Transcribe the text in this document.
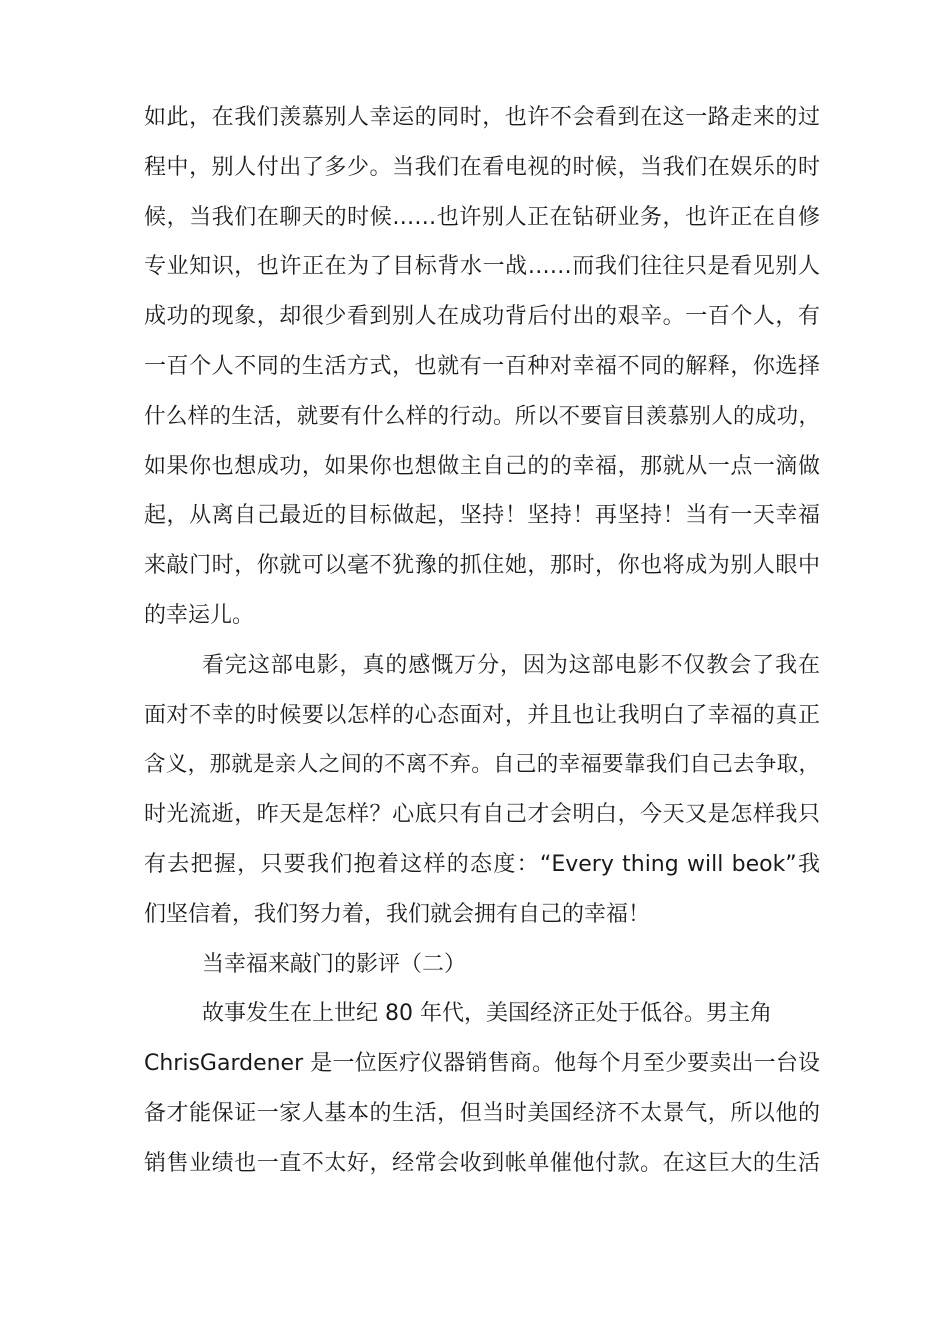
如此，在我们羡慕别人幸运的同时，也许不会看到在这一路走来的过
程中，别人付出了多少。当我们在看电视的时候，当我们在娱乐的时
候，当我们在聊天的时候……也许别人正在钻研业务，也许正在自修
专业知识，也许正在为了目标背水一战……而我们往往只是看见别人
成功的现象，却很少看到别人在成功背后付出的艰辛。一百个人，有
一百个人不同的生活方式，也就有一百种对幸福不同的解释，你选择
什么样的生活，就要有什么样的行动。所以不要盲目羡慕别人的成功，
如果你也想成功，如果你也想做主自己的的幸福，那就从一点一滴做
起，从离自己最近的目标做起，坚持！坚持！再坚持！当有一天幸福
来敲门时，你就可以毫不犹豫的抓住她，那时，你也将成为别人眼中
的幸运儿。
看完这部电影，真的感慨万分，因为这部电影不仅教会了我在
面对不幸的时候要以怎样的心态面对，并且也让我明白了幸福的真正
含义，那就是亲人之间的不离不弃。自己的幸福要靠我们自己去争取，
时光流逝，昨天是怎样？心底只有自己才会明白，今天又是怎样我只
有去把握，只要我们抱着这样的态度：“Every thing will beok”我
们坚信着，我们努力着，我们就会拥有自己的幸福！
当幸福来敲门的影评（二）
故事发生在上世纪 80 年代，美国经济正处于低谷。男主角
ChrisGardener 是一位医疗仪器销售商。他每个月至少要卖出一台设
备才能保证一家人基本的生活，但当时美国经济不太景气，所以他的
销售业绩也一直不太好，经常会收到帐单催他付款。在这巨大的生活
